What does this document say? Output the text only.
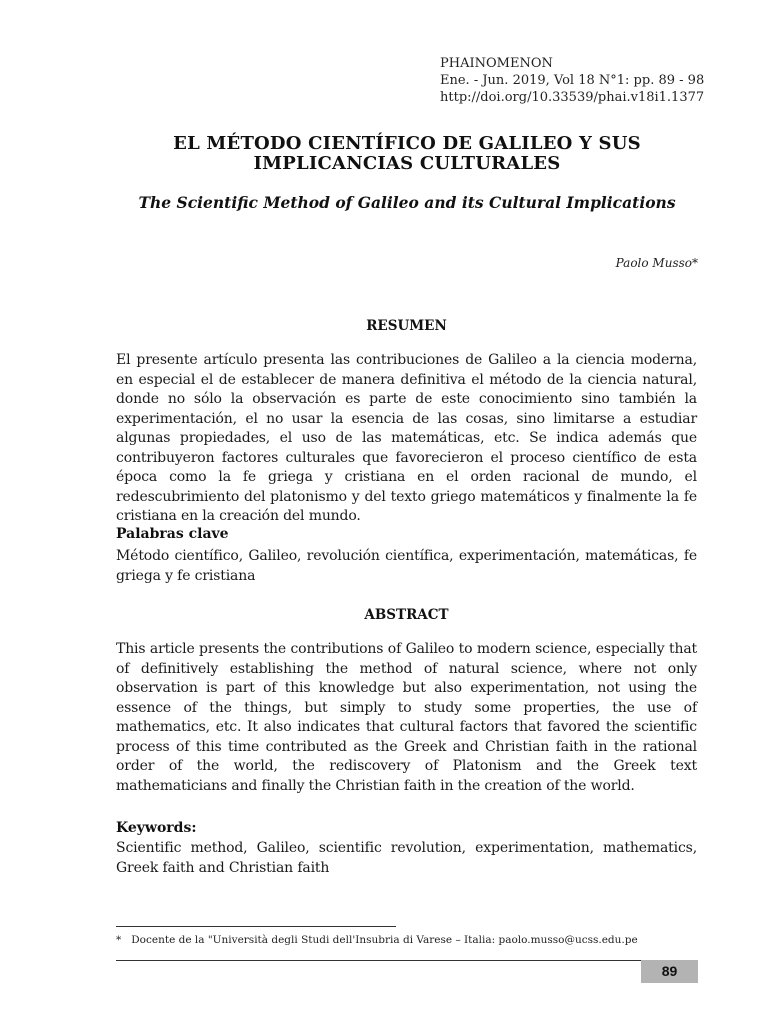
PHAINOMENON
Ene. - Jun. 2019, Vol 18 N°1: pp. 89 - 98
http://doi.org/10.33539/phai.v18i1.1377
EL MÉTODO CIENTÍFICO DE GALILEO Y SUS
IMPLICANCIAS CULTURALES
The Scientific Method of Galileo and its Cultural Implications
Paolo Musso*
RESUMEN

El presente artículo presenta las contribuciones de Galileo a la ciencia moderna, en especial el de establecer de manera definitiva el método de la ciencia natural, donde no sólo la observación es parte de este conocimiento sino también la experimentación, el no usar la esencia de las cosas, sino limitarse a estudiar algunas propiedades, el uso de las matemáticas, etc. Se indica además que contribuyeron factores culturales que favorecieron el proceso científico de esta época como la fe griega y cristiana en el orden racional de mundo, el redescubrimiento del platonismo y del texto griego matemáticos y finalmente la fe cristiana en la creación del mundo.

Palabras clave

Método científico, Galileo, revolución científica, experimentación, matemáticas, fe griega y fe cristiana

ABSTRACT

This article presents the contributions of Galileo to modern science, especially that of definitively establishing the method of natural science, where not only observation is part of this knowledge but also experimentation, not using the essence of the things, but simply to study some properties, the use of mathematics, etc. It also indicates that cultural factors that favored the scientific process of this time contributed as the Greek and Christian faith in the rational order of the world, the rediscovery of Platonism and the Greek text mathematicians and finally the Christian faith in the creation of the world.

Keywords:

Scientific method, Galileo, scientific revolution, experimentation, mathematics, Greek faith and Christian faith

* Docente de la "Università degli Studi dell'Insubria di Varese – Italia: paolo.musso@ucss.edu.pe
89
